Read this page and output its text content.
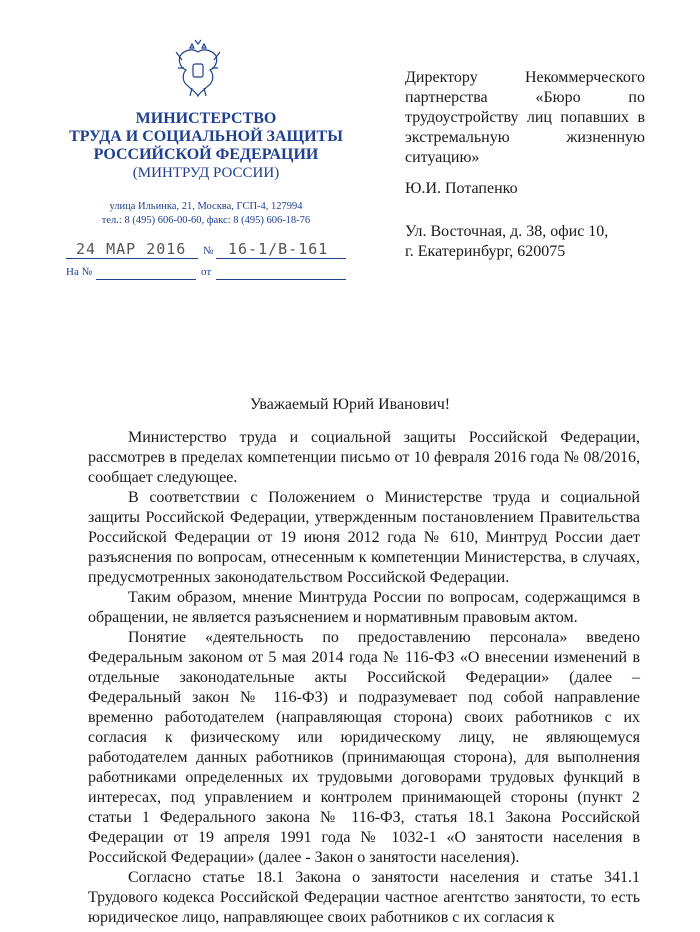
МИНИСТЕРСТВО
ТРУДА И СОЦИАЛЬНОЙ ЗАЩИТЫ
РОССИЙСКОЙ ФЕДЕРАЦИИ
(МИНТРУД РОССИИ)
улица Ильинка, 21, Москва, ГСП-4, 127994
тел.: 8 (495) 606-00-60, факс: 8 (495) 606-18-76
24 МАР 2016 № 16-1/В-161
На №	от
Директору Некоммерческого партнерства «Бюро по трудоустройству лиц попавших в экстремальную жизненную ситуацию»
Ю.И. Потапенко
Ул. Восточная, д. 38, офис 10,
г. Екатеринбург, 620075
Уважаемый Юрий Иванович!

Министерство труда и социальной защиты Российской Федерации, рассмотрев в пределах компетенции письмо от 10 февраля 2016 года № 08/2016, сообщает следующее.

В соответствии с Положением о Министерстве труда и социальной защиты Российской Федерации, утвержденным постановлением Правительства Российской Федерации от 19 июня 2012 года № 610, Минтруд России дает разъяснения по вопросам, отнесенным к компетенции Министерства, в случаях, предусмотренных законодательством Российской Федерации.

Таким образом, мнение Минтруда России по вопросам, содержащимся в обращении, не является разъяснением и нормативным правовым актом.

Понятие «деятельность по предоставлению персонала» введено Федеральным законом от 5 мая 2014 года № 116-ФЗ «О внесении изменений в отдельные законодательные акты Российской Федерации» (далее – Федеральный закон № 116-ФЗ) и подразумевает под собой направление временно работодателем (направляющая сторона) своих работников с их согласия к физическому или юридическому лицу, не являющемуся работодателем данных работников (принимающая сторона), для выполнения работниками определенных их трудовыми договорами трудовых функций в интересах, под управлением и контролем принимающей стороны (пункт 2 статьи 1 Федерального закона № 116-ФЗ, статья 18.1 Закона Российской Федерации от 19 апреля 1991 года № 1032-1 «О занятости населения в Российской Федерации» (далее - Закон о занятости населения).

Согласно статье 18.1 Закона о занятости населения и статье 341.1 Трудового кодекса Российской Федерации частное агентство занятости, то есть юридическое лицо, направляющее своих работников с их согласия к
